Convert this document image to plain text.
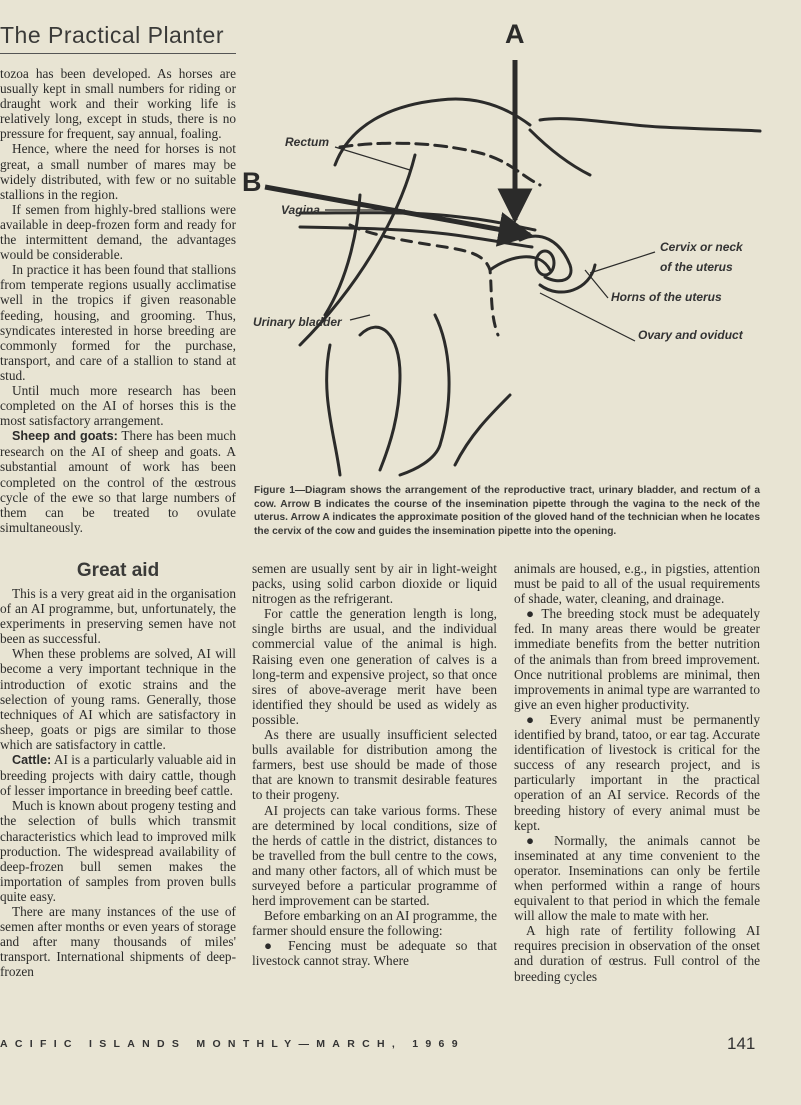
The Practical Planter

tozoa has been developed. As horses are usually kept in small numbers for riding or draught work and their working life is relatively long, except in studs, there is no pressure for frequent, say annual, foaling.

Hence, where the need for horses is not great, a small number of mares may be widely distributed, with few or no suitable stallions in the region.

If semen from highly-bred stallions were available in deep-frozen form and ready for the intermittent demand, the advantages would be considerable.

In practice it has been found that stallions from temperate regions usually acclimatise well in the tropics if given reasonable feeding, housing, and grooming. Thus, syndicates interested in horse breeding are commonly formed for the purchase, transport, and care of a stallion to stand at stud.

Until much more research has been completed on the AI of horses this is the most satisfactory arrangement.

Sheep and goats: There has been much research on the AI of sheep and goats. A substantial amount of work has been completed on the control of the œstrous cycle of the ewe so that large numbers of them can be treated to ovulate simultaneously.

Great aid

This is a very great aid in the organisation of an AI programme, but, unfortunately, the experiments in preserving semen have not been as successful.

When these problems are solved, AI will become a very important technique in the introduction of exotic strains and the selection of young rams. Generally, those techniques of AI which are satisfactory in sheep, goats or pigs are similar to those which are satisfactory in cattle.

Cattle: AI is a particularly valuable aid in breeding projects with dairy cattle, though of lesser importance in breeding beef cattle.

Much is known about progeny testing and the selection of bulls which transmit characteristics which lead to improved milk production. The widespread availability of deep-frozen bull semen makes the importation of samples from proven bulls quite easy.

There are many instances of the use of semen after months or even years of storage and after many thousands of miles' transport. International shipments of deep-frozen

semen are usually sent by air in light-weight packs, using solid carbon dioxide or liquid nitrogen as the refrigerant.

For cattle the generation length is long, single births are usual, and the individual commercial value of the animal is high. Raising even one generation of calves is a long-term and expensive project, so that once sires of above-average merit have been identified they should be used as widely as possible.

As there are usually insufficient selected bulls available for distribution among the farmers, best use should be made of those that are known to transmit desirable features to their progeny.

AI projects can take various forms. These are determined by local conditions, size of the herds of cattle in the district, distances to be travelled from the bull centre to the cows, and many other factors, all of which must be surveyed before a particular programme of herd improvement can be started.

Before embarking on an AI programme, the farmer should ensure the following:

● Fencing must be adequate so that livestock cannot stray. Where

animals are housed, e.g., in pigsties, attention must be paid to all of the usual requirements of shade, water, cleaning, and drainage.

● The breeding stock must be adequately fed. In many areas there would be greater immediate benefits from the better nutrition of the animals than from breed improvement. Once nutritional problems are minimal, then improvements in animal type are warranted to give an even higher productivity.

● Every animal must be permanently identified by brand, tatoo, or ear tag. Accurate identification of livestock is critical for the success of any research project, and is particularly important in the practical operation of an AI service. Records of the breeding history of every animal must be kept.

● Normally, the animals cannot be inseminated at any time convenient to the operator. Inseminations can only be fertile when performed within a range of hours equivalent to that period in which the female will allow the male to mate with her.

A high rate of fertility following AI requires precision in observation of the onset and duration of œstrus. Full control of the breeding cycles

A
B
Rectum
Vagina
Urinary bladder
Cervix or neck
of the uterus
Horns of the uterus
Ovary and oviduct
Figure 1—Diagram shows the arrangement of the reproductive tract, urinary bladder, and rectum of a cow. Arrow B indicates the course of the insemination pipette through the vagina to the neck of the uterus. Arrow A indicates the approximate position of the gloved hand of the technician when he locates the cervix of the cow and guides the insemination pipette into the opening.
ACIFIC ISLANDS MONTHLY—MARCH, 1969	141
